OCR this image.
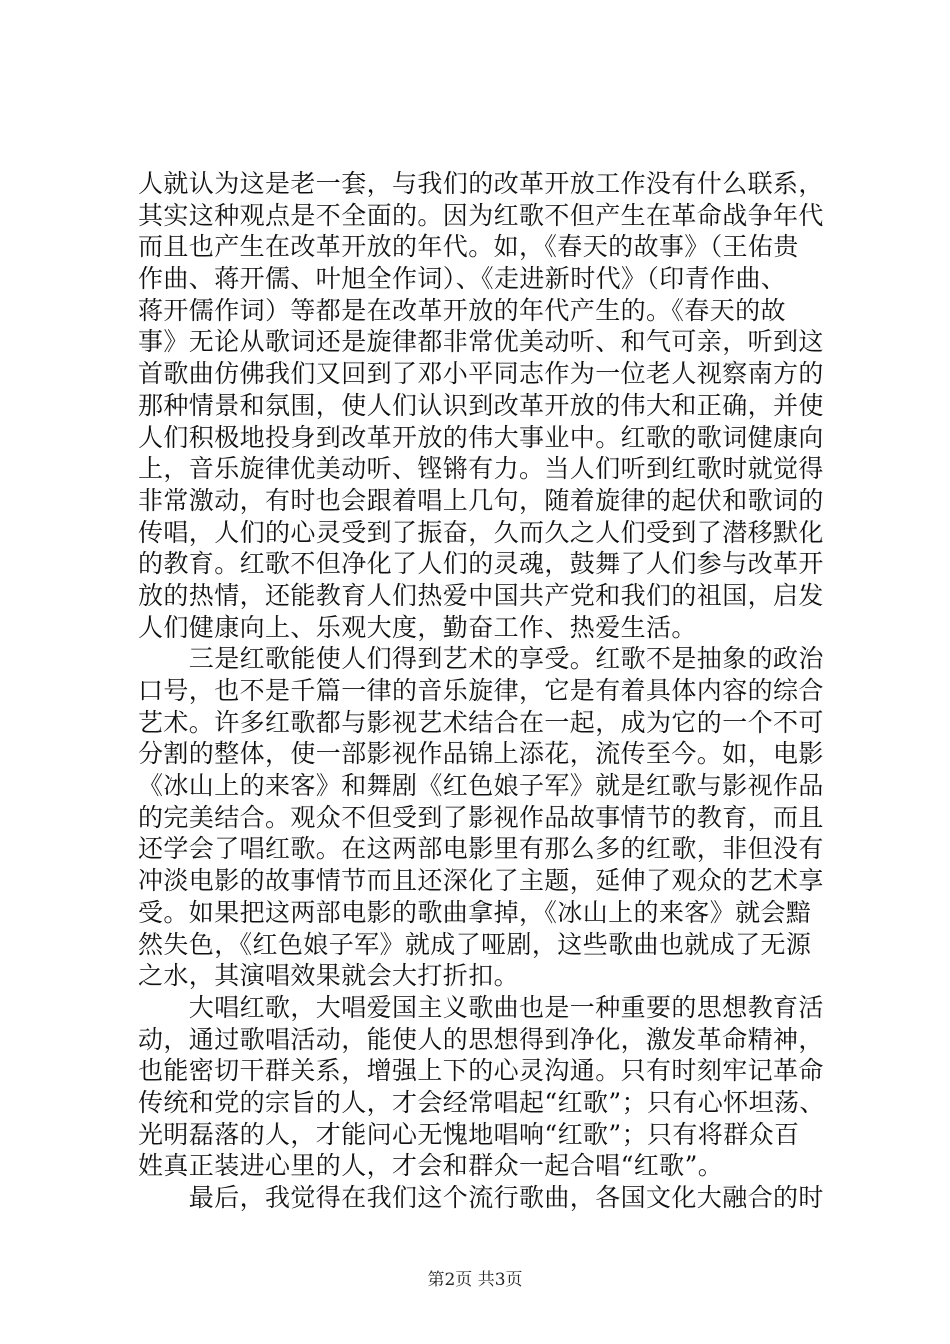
人就认为这是老一套，与我们的改革开放工作没有什么联系，
其实这种观点是不全面的。因为红歌不但产生在革命战争年代
而且也产生在改革开放的年代。如，《春天的故事》（王佑贵
作曲、蒋开儒、叶旭全作词）、《走进新时代》（印青作曲、
蒋开儒作词）等都是在改革开放的年代产生的。《春天的故
事》无论从歌词还是旋律都非常优美动听、和气可亲，听到这
首歌曲仿佛我们又回到了邓小平同志作为一位老人视察南方的
那种情景和氛围，使人们认识到改革开放的伟大和正确，并使
人们积极地投身到改革开放的伟大事业中。红歌的歌词健康向
上，音乐旋律优美动听、铿锵有力。当人们听到红歌时就觉得
非常激动，有时也会跟着唱上几句，随着旋律的起伏和歌词的
传唱，人们的心灵受到了振奋，久而久之人们受到了潜移默化
的教育。红歌不但净化了人们的灵魂，鼓舞了人们参与改革开
放的热情，还能教育人们热爱中国共产党和我们的祖国，启发
人们健康向上、乐观大度，勤奋工作、热爱生活。
　　三是红歌能使人们得到艺术的享受。红歌不是抽象的政治
口号，也不是千篇一律的音乐旋律，它是有着具体内容的综合
艺术。许多红歌都与影视艺术结合在一起，成为它的一个不可
分割的整体，使一部影视作品锦上添花，流传至今。如，电影
《冰山上的来客》和舞剧《红色娘子军》就是红歌与影视作品
的完美结合。观众不但受到了影视作品故事情节的教育，而且
还学会了唱红歌。在这两部电影里有那么多的红歌，非但没有
冲淡电影的故事情节而且还深化了主题，延伸了观众的艺术享
受。如果把这两部电影的歌曲拿掉，《冰山上的来客》就会黯
然失色，《红色娘子军》就成了哑剧，这些歌曲也就成了无源
之水，其演唱效果就会大打折扣。
　　大唱红歌，大唱爱国主义歌曲也是一种重要的思想教育活
动，通过歌唱活动，能使人的思想得到净化，激发革命精神，
也能密切干群关系，增强上下的心灵沟通。只有时刻牢记革命
传统和党的宗旨的人，才会经常唱起“红歌”；只有心怀坦荡、
光明磊落的人，才能问心无愧地唱响“红歌”；只有将群众百
姓真正装进心里的人，才会和群众一起合唱“红歌”。
　　最后，我觉得在我们这个流行歌曲，各国文化大融合的时
第2页 共3页
